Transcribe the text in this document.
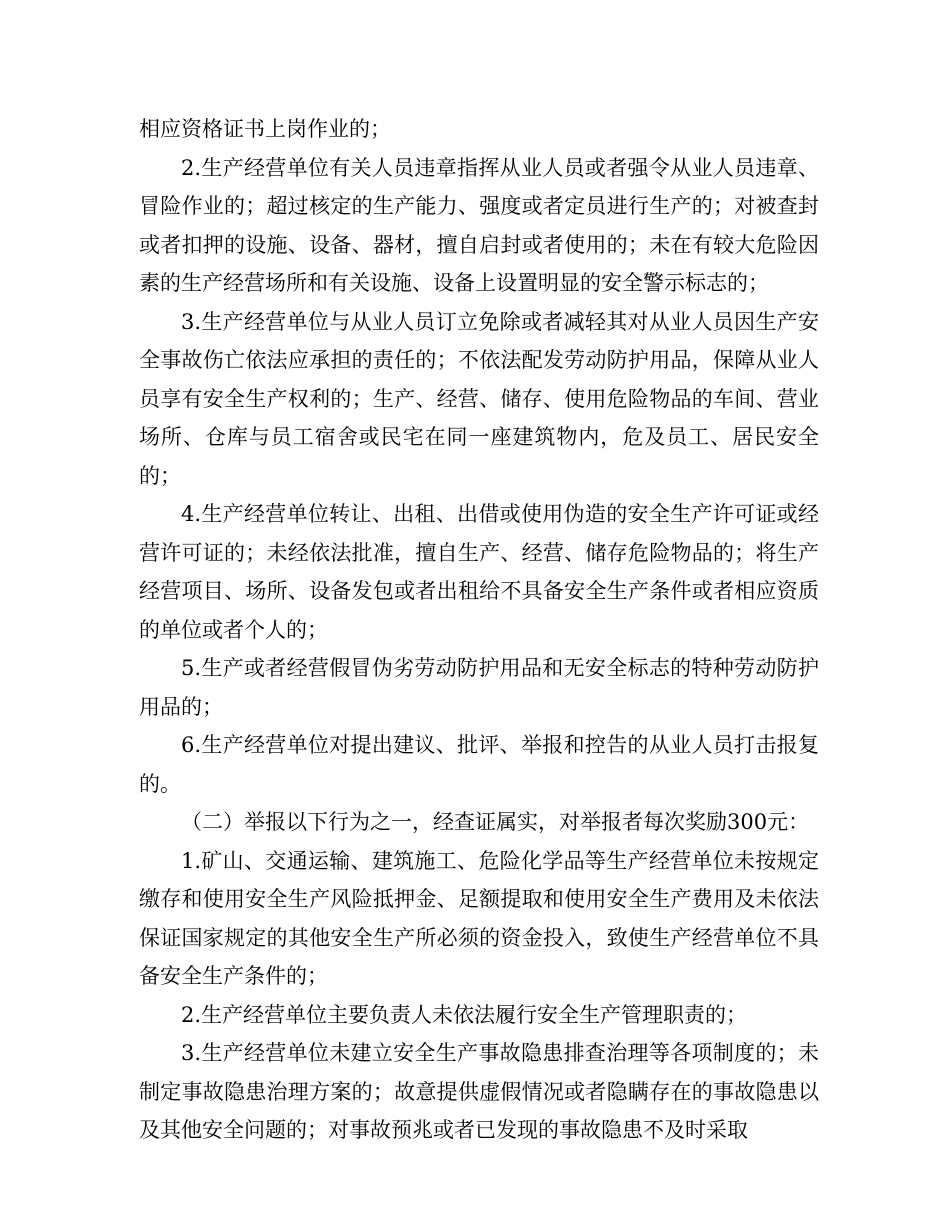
相应资格证书上岗作业的；

2.生产经营单位有关人员违章指挥从业人员或者强令从业人员违章、冒险作业的；超过核定的生产能力、强度或者定员进行生产的；对被查封或者扣押的设施、设备、器材，擅自启封或者使用的；未在有较大危险因素的生产经营场所和有关设施、设备上设置明显的安全警示标志的；

3.生产经营单位与从业人员订立免除或者减轻其对从业人员因生产安全事故伤亡依法应承担的责任的；不依法配发劳动防护用品，保障从业人员享有安全生产权利的；生产、经营、储存、使用危险物品的车间、营业场所、仓库与员工宿舍或民宅在同一座建筑物内，危及员工、居民安全的；

4.生产经营单位转让、出租、出借或使用伪造的安全生产许可证或经营许可证的；未经依法批准，擅自生产、经营、储存危险物品的；将生产经营项目、场所、设备发包或者出租给不具备安全生产条件或者相应资质的单位或者个人的；

5.生产或者经营假冒伪劣劳动防护用品和无安全标志的特种劳动防护用品的；

6.生产经营单位对提出建议、批评、举报和控告的从业人员打击报复的。

（二）举报以下行为之一，经查证属实，对举报者每次奖励300元：

1.矿山、交通运输、建筑施工、危险化学品等生产经营单位未按规定缴存和使用安全生产风险抵押金、足额提取和使用安全生产费用及未依法保证国家规定的其他安全生产所必须的资金投入，致使生产经营单位不具备安全生产条件的；

2.生产经营单位主要负责人未依法履行安全生产管理职责的；

3.生产经营单位未建立安全生产事故隐患排查治理等各项制度的；未制定事故隐患治理方案的；故意提供虚假情况或者隐瞒存在的事故隐患以及其他安全问题的；对事故预兆或者已发现的事故隐患不及时采取
